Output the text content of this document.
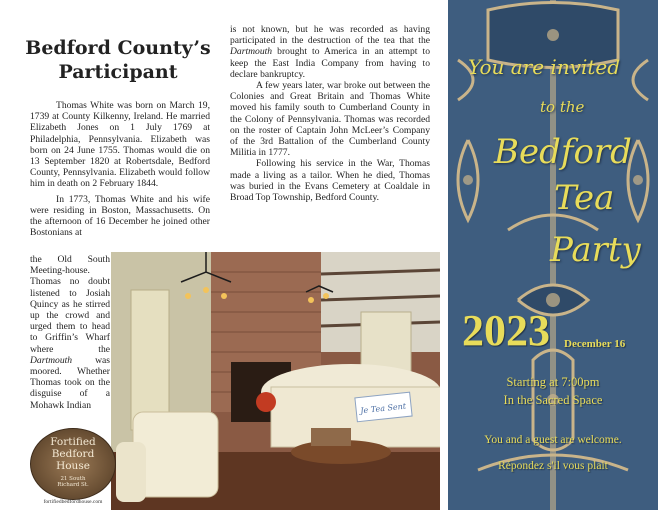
Bedford County’s
Participant

Thomas White was born on March 19, 1739 at County Kilkenny, Ireland. He married Elizabeth Jones on 1 July 1769 at Philadelphia, Pennsylvania. Elizabeth was born on 24 June 1755. Thomas would die on 13 September 1820 at Robertsdale, Bedford County, Pennsylvania. Elizabeth would follow him in death on 2 February 1844.

In 1773, Thomas White and his wife were residing in Boston, Massachusetts. On the afternoon of 16 December he joined other Bostonians at

the Old South Meeting-house. Thomas no doubt listened to Josiah Quincy as he stirred up the crowd and urged them to head to Griffin’s Wharf where the Dartmouth was moored. Whether Thomas took on the disguise of a Mohawk Indian

is not known, but he was recorded as having participated in the destruction of the tea that the Dartmouth brought to America in an attempt to keep the East India Company from having to declare bankruptcy.

A few years later, war broke out between the Colonies and Great Britain and Thomas White moved his family south to Cumberland County in the Colony of Pennsylvania. Thomas was recorded on the roster of Captain John McLeer’s Company of the 3rd Battalion of the Cumberland County Militia in 1777.

Following his service in the War, Thomas made a living as a tailor. When he died, Thomas was buried in the Evans Cemetery at Coaldale in Broad Top Township, Bedford County.

Je Tea Sent
Fortified
Bedford
House
21 South
Richard St.
fortifiedbedfordhouse.com
You are invited
to the
Bedford
Tea
Party
2023 December 16
Starting at 7:00pm
In the Sacred Space
You and a guest are welcome.
Répondez s'il vous plait
